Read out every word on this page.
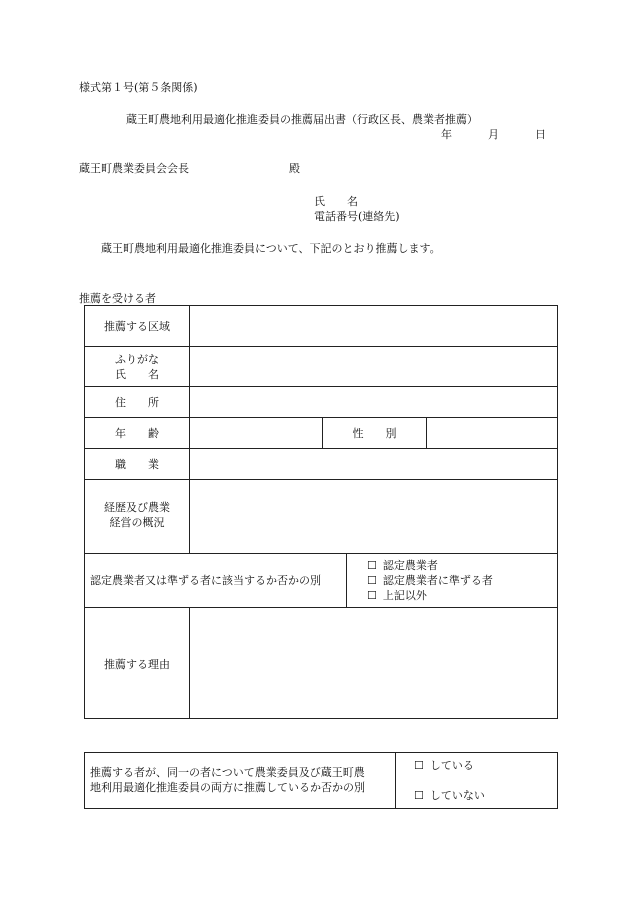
様式第１号(第５条関係)
蔵王町農地利用最適化推進委員の推薦届出書（行政区長、農業者推薦）
年	月	日
蔵王町農業委員会会長	殿
氏　　名
電話番号(連絡先)
蔵王町農地利用最適化推進委員について、下記のとおり推薦します。
推薦を受ける者
推薦する区域
ふりがな
氏　　名
住　　所
年　　齢	性　　別
職　　業
経歴及び農業
経営の概況
認定農業者又は準ずる者に該当するか否かの別
☐ 認定農業者
☐ 認定農業者に準ずる者
☐ 上記以外
推薦する理由
推薦する者が、同一の者について農業委員及び蔵王町農
地利用最適化推進委員の両方に推薦しているか否かの別
☐ している
☐ していない
